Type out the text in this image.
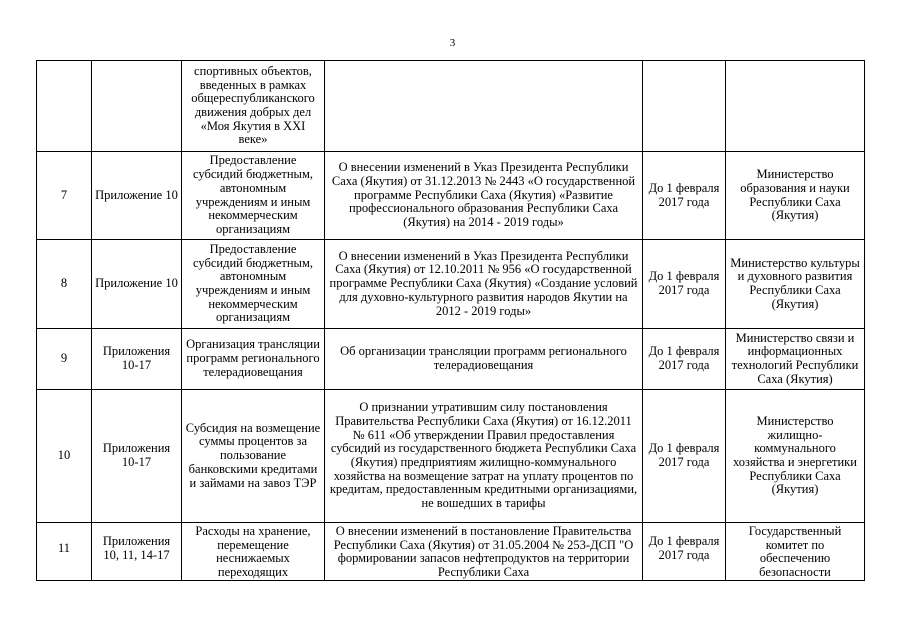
3
		спортивных объектов, введенных в рамках общереспубликанского движения добрых дел «Моя Якутия в XXI веке»			
7	Приложение 10	Предоставление субсидий бюджетным, автономным учреждениям и иным некоммерческим организациям	О внесении изменений в Указ Президента Республики Саха (Якутия) от 31.12.2013 № 2443 «О государственной программе Республики Саха (Якутия) «Развитие профессионального образования Республики Саха (Якутия) на 2014 - 2019 годы»	До 1 февраля 2017 года	Министерство образования и науки Республики Саха (Якутия)
8	Приложение 10	Предоставление субсидий бюджетным, автономным учреждениям и иным некоммерческим организациям	О внесении изменений в Указ Президента Республики Саха (Якутия) от 12.10.2011 № 956 «О государственной программе Республики Саха (Якутия) «Создание условий для духовно-культурного развития народов Якутии на 2012 - 2019 годы»	До 1 февраля 2017 года	Министерство культуры и духовного развития Республики Саха (Якутия)
9	Приложения 10-17	Организация трансляции программ регионального телерадиовещания	Об организации трансляции программ регионального телерадиовещания	До 1 февраля 2017 года	Министерство связи и информационных технологий Республики Саха (Якутия)
10	Приложения 10-17	Субсидия на возмещение суммы процентов за пользование банковскими кредитами и займами на завоз ТЭР	О признании утратившим силу постановления Правительства Республики Саха (Якутия) от 16.12.2011 № 611 «Об утверждении Правил предоставления субсидий из государственного бюджета Республики Саха (Якутия) предприятиям жилищно-коммунального хозяйства на возмещение затрат на уплату процентов по кредитам, предоставленным кредитными организациями, не вошедших в тарифы	До 1 февраля 2017 года	Министерство жилищно-коммунального хозяйства и энергетики Республики Саха (Якутия)
11	Приложения 10, 11, 14-17	Расходы на хранение, перемещение неснижаемых переходящих	О внесении изменений в постановление Правительства Республики Саха (Якутия) от 31.05.2004 № 253-ДСП "О формировании запасов нефтепродуктов на территории Республики Саха	До 1 февраля 2017 года	Государственный комитет по обеспечению безопасности
